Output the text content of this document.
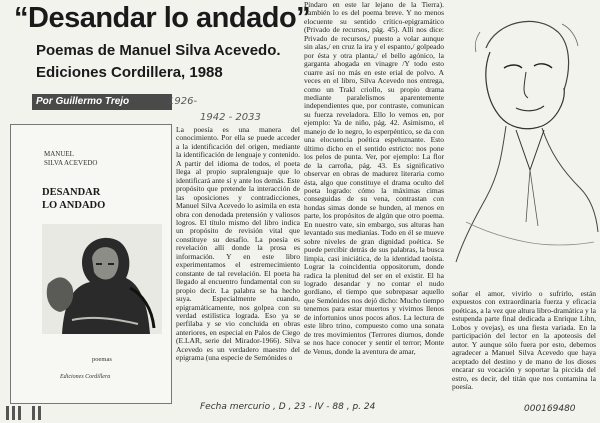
“Desandar lo andado”
Poemas de Manuel Silva Acevedo.
Ediciones Cordillera, 1988
Por Guillermo Trejo	1926-
1942 - 2033
MANUEL
SILVA ACEVEDO
DESANDAR
LO ANDADO
poemas
Ediciones Cordillera
La poesía es una manera del conocimiento. Por ella se puede acceder a la identificación del origen, mediante la identificación de lenguaje y contenido. A partir del idioma de todos, el poeta llega al propio supralenguaje que lo identificará ante sí y ante los demás. Este propósito que pretende la interacción de las oposiciones y contradicciones, Manuel Silva Acevedo lo asimila en esta obra con denodada pretensión y valiosos logros. El título mismo del libro indica un propósito de revisión vital que constituye su desafío. La poesía es revelación allí donde la prosa es información. Y en este libro experimentamos el estremecimiento constante de tal revelación. El poeta ha llegado al encuentro fundamental con su propio decir. La palabra se ha hecho suya. Especialmente cuando, epigramáticamente, nos golpea con su verdad estilística lograda. Eso ya se perfilaba y se vio concluida en obras anteriores, en especial en Palos de Ciego (E.LAR, serie del Mirador-1966). Silva Acevedo es un verdadero maestro del epigrama (una especie de Semónides o
Píndaro en este lar lejano de la Tierra). También lo es del poema breve. Y no menos elocuente su sentido crítico-epigramático (Privado de recursos, pág. 45). Allí nos dice: Privado de recursos,/ puesto a volar aunque sin alas,/ en cruz la ira y el espanto,/ golpeado por ésta y otra planta,/ el bello agónico, la garganta ahogada en vinagre /Y todo esto cuarre así no más en este erial de polvo. A veces en el libro, Silva Acevedo nos entrega, como un Trakl criollo, su propio drama mediante paralelismos aparentemente independientes que, por contraste, comunican su fuerza reveladora. Ello lo vemos en, por ejemplo: Ya de niño, pág. 42. Asimismo, el manejo de lo negro, lo esperpéntico, se da con una elocuencia poética espeluznante. Esto último dicho en el sentido estricto: nos pone los pelos de punta. Ver, por ejemplo: La flor de la carroña, pág. 43. Es significativo observar en obras de madurez literaria como ésta, algo que constituye el drama oculto del poeta logrado: cómo la máximas cimas conseguidas de su vena, contrastan con hondas simas donde se hunden, al menos en parte, los propósitos de algún que otro poema. En nuestro vate, sin embargo, sus alturas han levantado sus medianías. Todo en él se mueve sobre niveles de gran dignidad poética. Se puede percibir detrás de sus palabras, la busca limpia, casi iniciática, de la identidad taoísta. Lograr la coincidentia oppositorum, donde radica la plenitud del ser en el existir. El ha logrado desandar y no contar el nudo gordiano, el tiempo que sobrepasar aquello que Semónides nos dejó dicho: Mucho tiempo tenemos para estar muertos y vivimos llenos de infortunios unos pocos años. La lectura de este libro trino, compuesto como una sonata de tres movimientos (Terrores diurnos, donde se nos hace conocer y sentir el terror; Monte de Venus, donde la aventura de amar,
soñar el amor, vivirlo o sufrirlo, están expuestos con extraordinaria fuerza y eficacia poéticas, a la vez que altura libro-dramática y la estupenda parte final dedicada a Enrique Lihn, Lobos y ovejas), es una fiesta variada. En la participación del lector en la apoteosis del autor. Y aunque sólo fuera por esto, debemos agradecer a Manuel Silva Acevedo que haya aceptado del destino y de mano de los dioses encarar su vocación y soportar la piccida del estro, es decir, del titán que nos contamina la poesía.
Fecha mercurio , D , 23 - IV - 88 , p. 24	000169480
